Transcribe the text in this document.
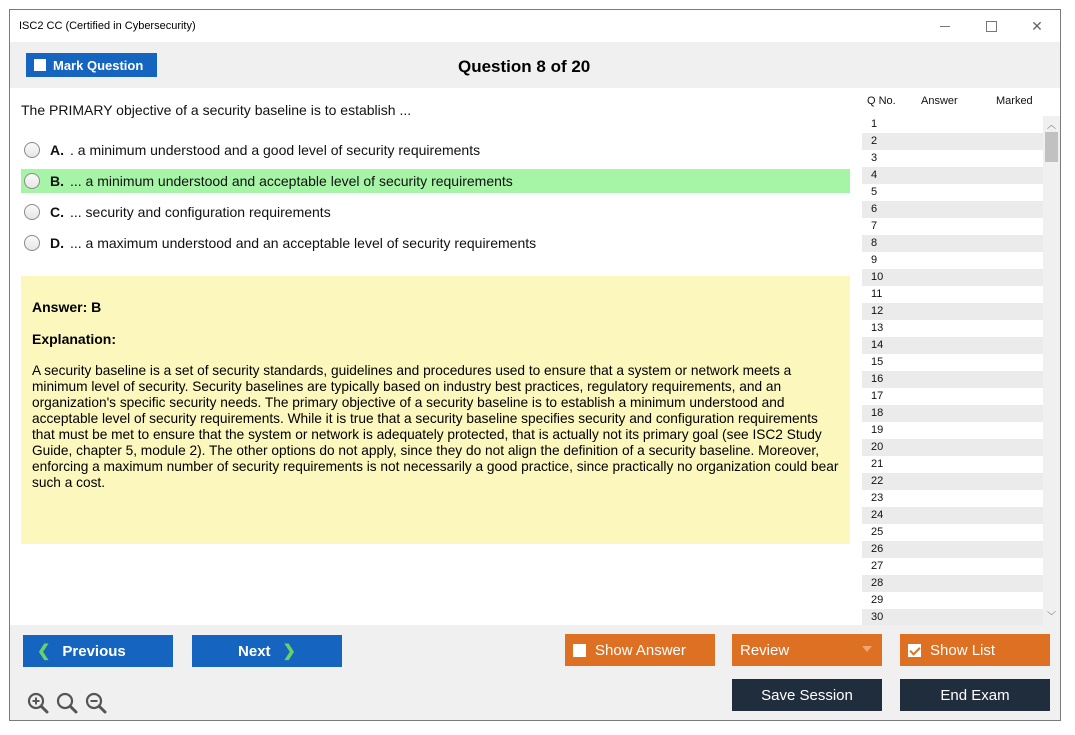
ISC2 CC (Certified in Cybersecurity)	✕
Mark Question	Question 8 of 20
The PRIMARY objective of a security baseline is to establish ...
A. . a minimum understood and a good level of security requirements
B. ... a minimum understood and acceptable level of security requirements
C. ... security and configuration requirements
D. ... a maximum understood and an acceptable level of security requirements
Answer: B
Explanation:
A security baseline is a set of security standards, guidelines and procedures used to ensure that a system or network meets a minimum level of security. Security baselines are typically based on industry best practices, regulatory requirements, and an organization's specific security needs. The primary objective of a security baseline is to establish a minimum understood and acceptable level of security requirements. While it is true that a security baseline specifies security and configuration requirements that must be met to ensure that the system or network is adequately protected, that is actually not its primary goal (see ISC2 Study Guide, chapter 5, module 2). The other options do not apply, since they do not align the definition of a security baseline. Moreover, enforcing a maximum number of security requirements is not necessarily a good practice, since practically no organization could bear such a cost.
Q No. Answer	Marked
1
2
3
4
5
6
7
8
9
10
11
12
13
14
15
16
17
18
19
20
21
22
23
24
25
26
27
28
29
30
︿
﹀
❮ Previous	Next ❯	Show Answer	Review	Show List
Save Session	End Exam
